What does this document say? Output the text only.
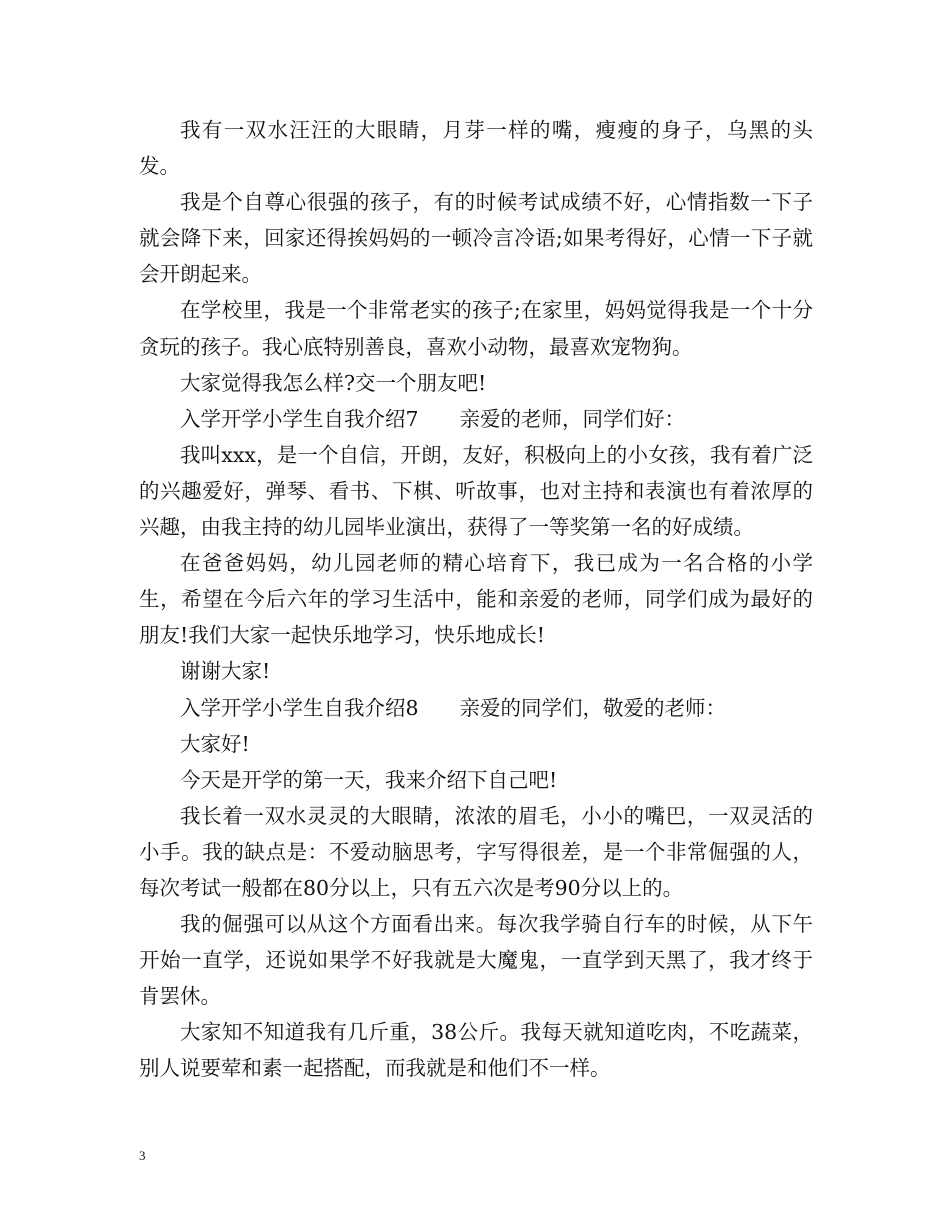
我有一双水汪汪的大眼睛，月芽一样的嘴，瘦瘦的身子，乌黑的头发。

我是个自尊心很强的孩子，有的时候考试成绩不好，心情指数一下子就会降下来，回家还得挨妈妈的一顿冷言冷语;如果考得好，心情一下子就会开朗起来。

在学校里，我是一个非常老实的孩子;在家里，妈妈觉得我是一个十分贪玩的孩子。我心底特别善良，喜欢小动物，最喜欢宠物狗。

大家觉得我怎么样?交一个朋友吧!

入学开学小学生自我介绍7　　亲爱的老师，同学们好：

我叫xxx，是一个自信，开朗，友好，积极向上的小女孩，我有着广泛的兴趣爱好，弹琴、看书、下棋、听故事，也对主持和表演也有着浓厚的兴趣，由我主持的幼儿园毕业演出，获得了一等奖第一名的好成绩。

在爸爸妈妈，幼儿园老师的精心培育下，我已成为一名合格的小学生，希望在今后六年的学习生活中，能和亲爱的老师，同学们成为最好的朋友!我们大家一起快乐地学习，快乐地成长!

谢谢大家!

入学开学小学生自我介绍8　　亲爱的同学们，敬爱的老师：

大家好!

今天是开学的第一天，我来介绍下自己吧!

我长着一双水灵灵的大眼睛，浓浓的眉毛，小小的嘴巴，一双灵活的小手。我的缺点是：不爱动脑思考，字写得很差，是一个非常倔强的人，每次考试一般都在80分以上，只有五六次是考90分以上的。

我的倔强可以从这个方面看出来。每次我学骑自行车的时候，从下午开始一直学，还说如果学不好我就是大魔鬼，一直学到天黑了，我才终于肯罢休。

大家知不知道我有几斤重，38公斤。我每天就知道吃肉，不吃蔬菜，别人说要荤和素一起搭配，而我就是和他们不一样。

3
